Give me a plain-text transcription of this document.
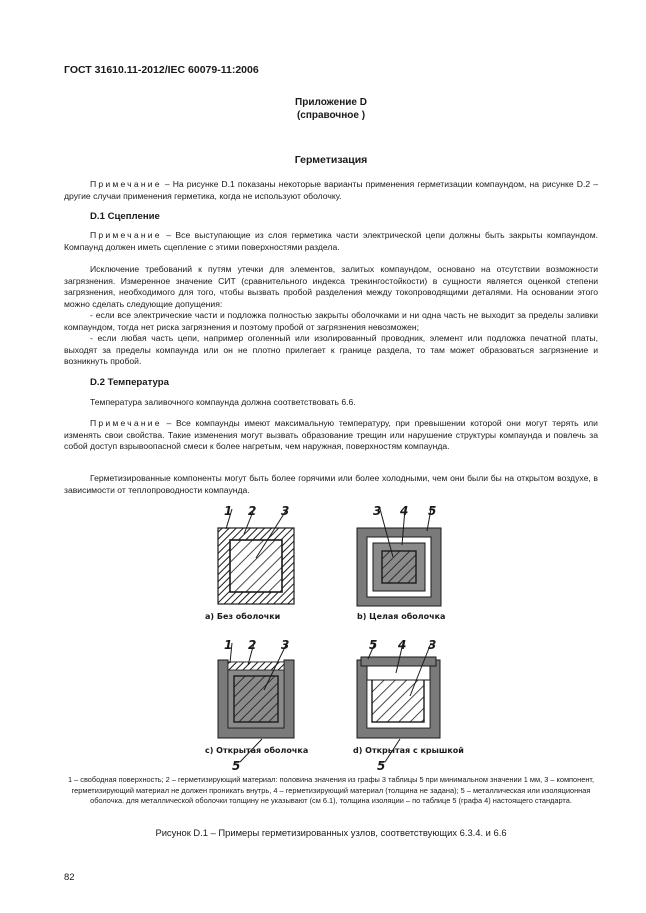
ГОСТ 31610.11-2012/IEC 60079-11:2006
Приложение D
(справочное )
Герметизация
Примечание – На рисунке D.1 показаны некоторые варианты применения герметизации компаундом, на рисунке D.2 – другие случаи применения герметика, когда не используют оболочку.
D.1 Сцепление
Примечание – Все выступающие из слоя герметика части электрической цепи должны быть закрыты компаундом. Компаунд должен иметь сцепление с этими поверхностями раздела.
Исключение требований к путям утечки для элементов, залитых компаундом, основано на отсутствии возможности загрязнения. Измеренное значение СИТ (сравнительного индекса трекингостойкости) в сущности является оценкой степени загрязнения, необходимого для того, чтобы вызвать пробой разделения между токопроводящими деталями. На основании этого можно сделать следующие допущения:
- если все электрические части и подложка полностью закрыты оболочками и ни одна часть не выходит за пределы заливки компаундом, тогда нет риска загрязнения и поэтому пробой от загрязнения невозможен;
- если любая часть цепи, например оголенный или изолированный проводник, элемент или подложка печатной платы, выходят за пределы компаунда или он не плотно прилегает к границе раздела, то там может образоваться загрязнение и возникнуть пробой.
D.2 Температура
Температура заливочного компаунда должна соответствовать 6.6.
Примечание – Все компаунды имеют максимальную температуру, при превышении которой они могут терять или изменять свои свойства. Такие изменения могут вызвать образование трещин или нарушение структуры компаунда и повлечь за собой доступ взрывоопасной смеси к более нагретым, чем наружная, поверхностям компаунда.
Герметизированные компоненты могут быть более горячими или более холодными, чем они были бы на открытом воздухе, в зависимости от теплопроводности компаунда.
1 2 3	3 4 5
1 2 3
5
5 4 3
5
a) Без оболочки	b) Целая оболочка
c) Открытая оболочка	d) Открытая с крышкой
1 – свободная поверхность; 2 – герметизирующий материал: половина значения из графы 3 таблицы 5 при минимальном значении 1 мм, 3 – компонент, герметизирующий материал не должен проникать внутрь, 4 – герметизирующий материал (толщина не задана); 5 – металлическая или изоляционная оболочка. для металлической оболочки толщину не указывают (см 6.1), толщина изоляции – по таблице 5 (графа 4) настоящего стандарта.
Рисунок D.1 – Примеры герметизированных узлов, соответствующих 6.3.4. и 6.6
82
